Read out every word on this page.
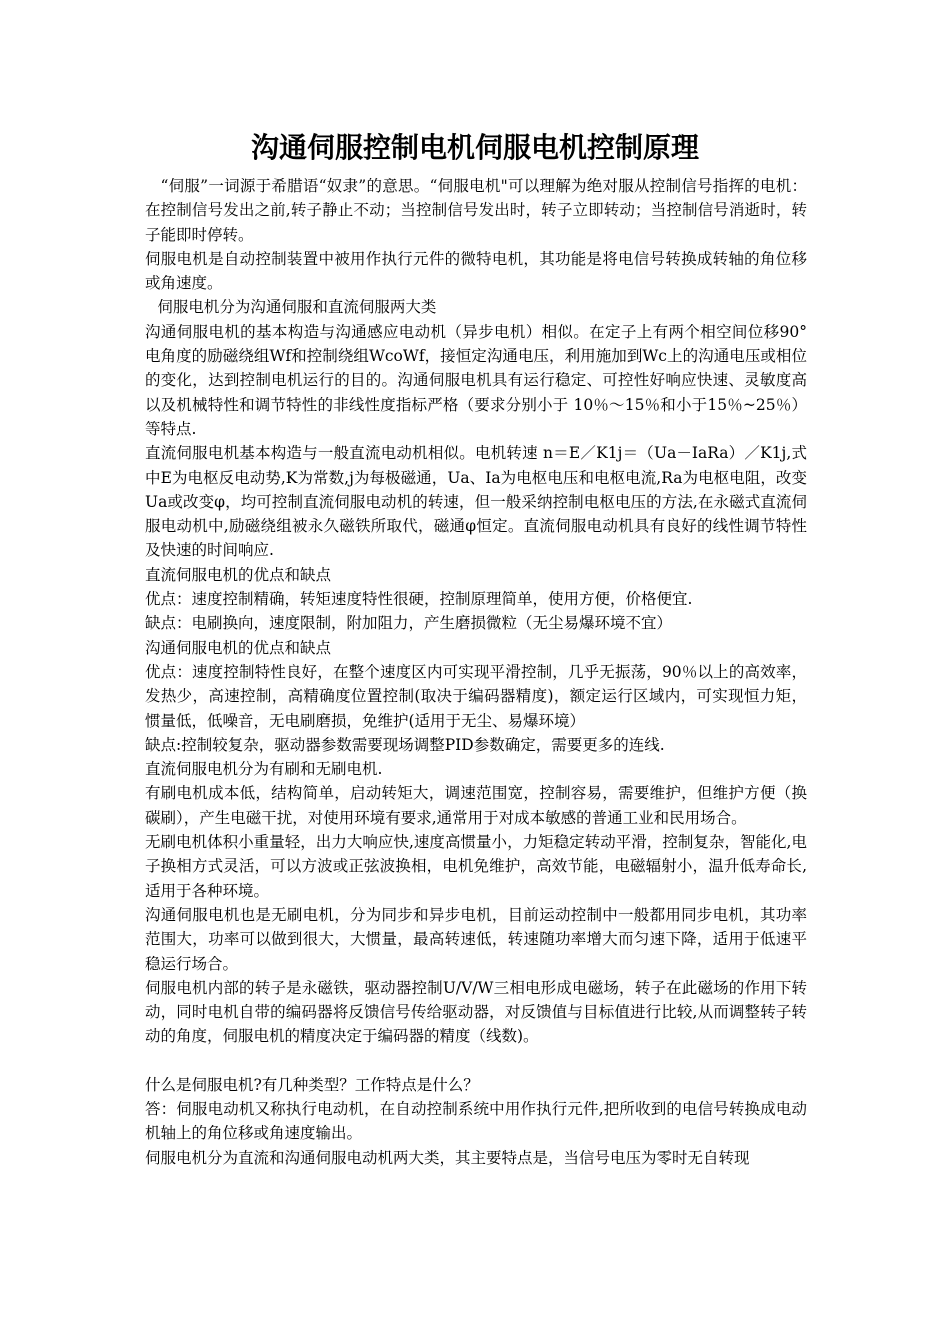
沟通伺服控制电机伺服电机控制原理

“伺服”一词源于希腊语“奴隶”的意思。“伺服电机"可以理解为绝对服从控制信号指挥的电机：在控制信号发出之前,转子静止不动；当控制信号发出时，转子立即转动；当控制信号消逝时，转子能即时停转。

伺服电机是自动控制装置中被用作执行元件的微特电机，其功能是将电信号转换成转轴的角位移或角速度。

伺服电机分为沟通伺服和直流伺服两大类

沟通伺服电机的基本构造与沟通感应电动机（异步电机）相似。在定子上有两个相空间位移90°电角度的励磁绕组Wf和控制绕组WcoWf，接恒定沟通电压，利用施加到Wc上的沟通电压或相位的变化，达到控制电机运行的目的。沟通伺服电机具有运行稳定、可控性好响应快速、灵敏度高以及机械特性和调节特性的非线性度指标严格（要求分别小于 10％～15％和小于15％~25％）等特点.

直流伺服电机基本构造与一般直流电动机相似。电机转速 n＝E／K1j＝（Ua－IaRa）／K1j,式中E为电枢反电动势,K为常数,j为每极磁通，Ua、Ia为电枢电压和电枢电流,Ra为电枢电阻，改变Ua或改变φ，均可控制直流伺服电动机的转速，但一般采纳控制电枢电压的方法,在永磁式直流伺服电动机中,励磁绕组被永久磁铁所取代，磁通φ恒定。直流伺服电动机具有良好的线性调节特性及快速的时间响应.

直流伺服电机的优点和缺点

优点：速度控制精确，转矩速度特性很硬，控制原理简单，使用方便，价格便宜.

缺点：电刷换向，速度限制，附加阻力，产生磨损微粒（无尘易爆环境不宜）

沟通伺服电机的优点和缺点

优点：速度控制特性良好，在整个速度区内可实现平滑控制，几乎无振荡，90％以上的高效率，发热少，高速控制，高精确度位置控制(取决于编码器精度)，额定运行区域内，可实现恒力矩，惯量低，低噪音，无电刷磨损，免维护(适用于无尘、易爆环境）

缺点:控制较复杂，驱动器参数需要现场调整PID参数确定，需要更多的连线.

直流伺服电机分为有刷和无刷电机.

有刷电机成本低，结构简单，启动转矩大，调速范围宽，控制容易，需要维护，但维护方便（换碳刷），产生电磁干扰，对使用环境有要求,通常用于对成本敏感的普通工业和民用场合。

无刷电机体积小重量轻，出力大响应快,速度高惯量小，力矩稳定转动平滑，控制复杂，智能化,电子换相方式灵活，可以方波或正弦波换相，电机免维护，高效节能，电磁辐射小，温升低寿命长,适用于各种环境。

沟通伺服电机也是无刷电机，分为同步和异步电机，目前运动控制中一般都用同步电机，其功率范围大，功率可以做到很大，大惯量，最高转速低，转速随功率增大而匀速下降，适用于低速平稳运行场合。

伺服电机内部的转子是永磁铁，驱动器控制U/V/W三相电形成电磁场，转子在此磁场的作用下转动，同时电机自带的编码器将反馈信号传给驱动器，对反馈值与目标值进行比较,从而调整转子转动的角度，伺服电机的精度决定于编码器的精度（线数)。

什么是伺服电机?有几种类型？工作特点是什么？

答：伺服电动机又称执行电动机，在自动控制系统中用作执行元件,把所收到的电信号转换成电动机轴上的角位移或角速度输出。

伺服电机分为直流和沟通伺服电动机两大类，其主要特点是，当信号电压为零时无自转现
